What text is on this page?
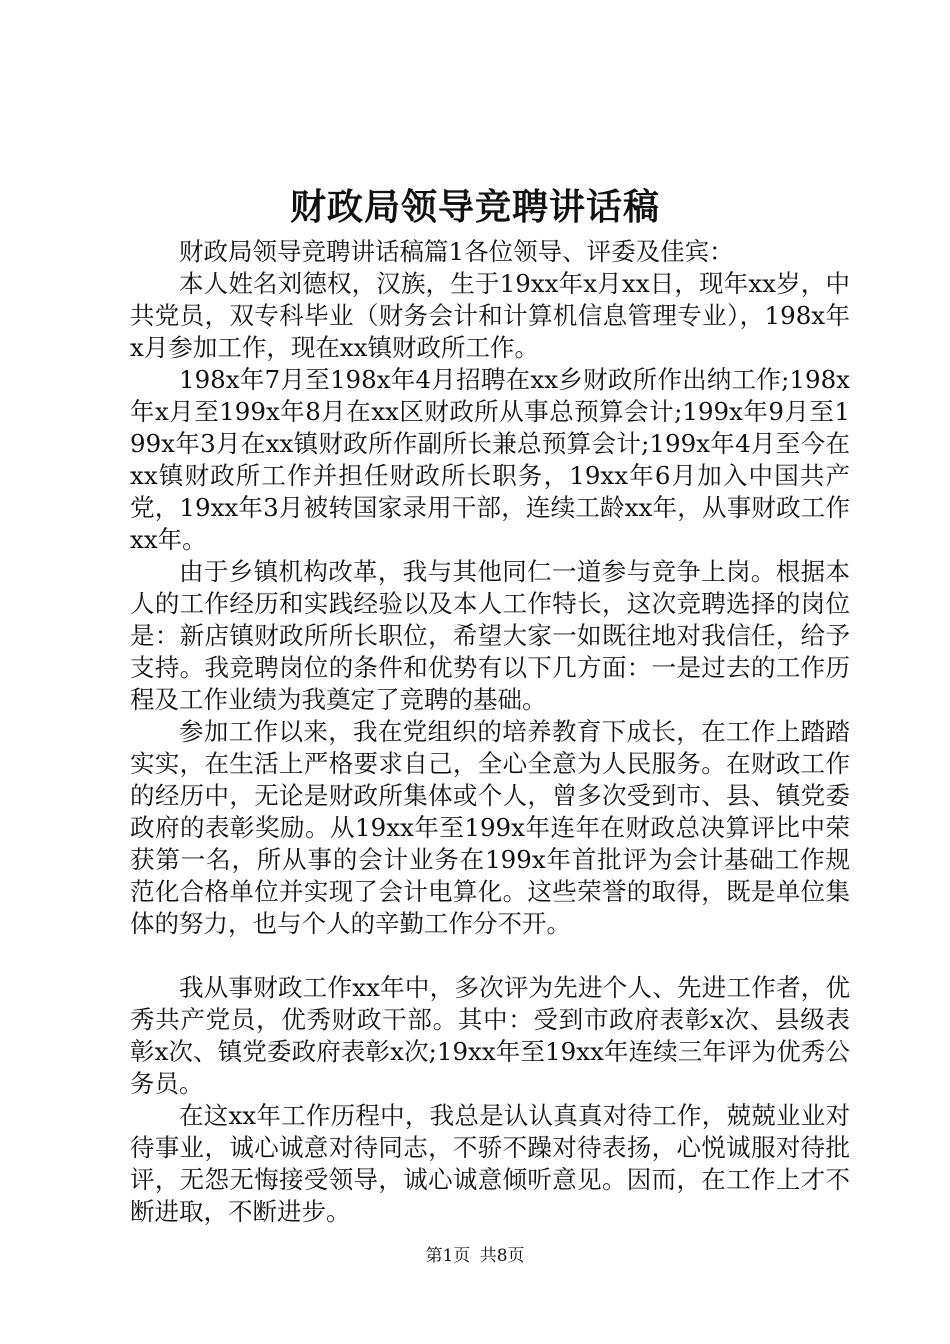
财政局领导竞聘讲话稿

财政局领导竞聘讲话稿篇1各位领导、评委及佳宾：

本人姓名刘德权，汉族，生于19xx年x月xx日，现年xx岁，中共党员，双专科毕业（财务会计和计算机信息管理专业），198x年x月参加工作，现在xx镇财政所工作。

198x年7月至198x年4月招聘在xx乡财政所作出纳工作;198x年x月至199x年8月在xx区财政所从事总预算会计;199x年9月至199x年3月在xx镇财政所作副所长兼总预算会计;199x年4月至今在xx镇财政所工作并担任财政所长职务，19xx年6月加入中国共产党，19xx年3月被转国家录用干部，连续工龄xx年，从事财政工作xx年。

由于乡镇机构改革，我与其他同仁一道参与竞争上岗。根据本人的工作经历和实践经验以及本人工作特长，这次竞聘选择的岗位是：新店镇财政所所长职位，希望大家一如既往地对我信任，给予支持。我竞聘岗位的条件和优势有以下几方面：一是过去的工作历程及工作业绩为我奠定了竞聘的基础。

参加工作以来，我在党组织的培养教育下成长，在工作上踏踏实实，在生活上严格要求自己，全心全意为人民服务。在财政工作的经历中，无论是财政所集体或个人，曾多次受到市、县、镇党委政府的表彰奖励。从19xx年至199x年连年在财政总决算评比中荣获第一名，所从事的会计业务在199x年首批评为会计基础工作规范化合格单位并实现了会计电算化。这些荣誉的取得，既是单位集体的努力，也与个人的辛勤工作分不开。

我从事财政工作xx年中，多次评为先进个人、先进工作者，优秀共产党员，优秀财政干部。其中：受到市政府表彰x次、县级表彰x次、镇党委政府表彰x次;19xx年至19xx年连续三年评为优秀公务员。

在这xx年工作历程中，我总是认认真真对待工作，兢兢业业对待事业，诚心诚意对待同志，不骄不躁对待表扬，心悦诚服对待批评，无怨无悔接受领导，诚心诚意倾听意见。因而，在工作上才不断进取，不断进步。

第1页 共8页
